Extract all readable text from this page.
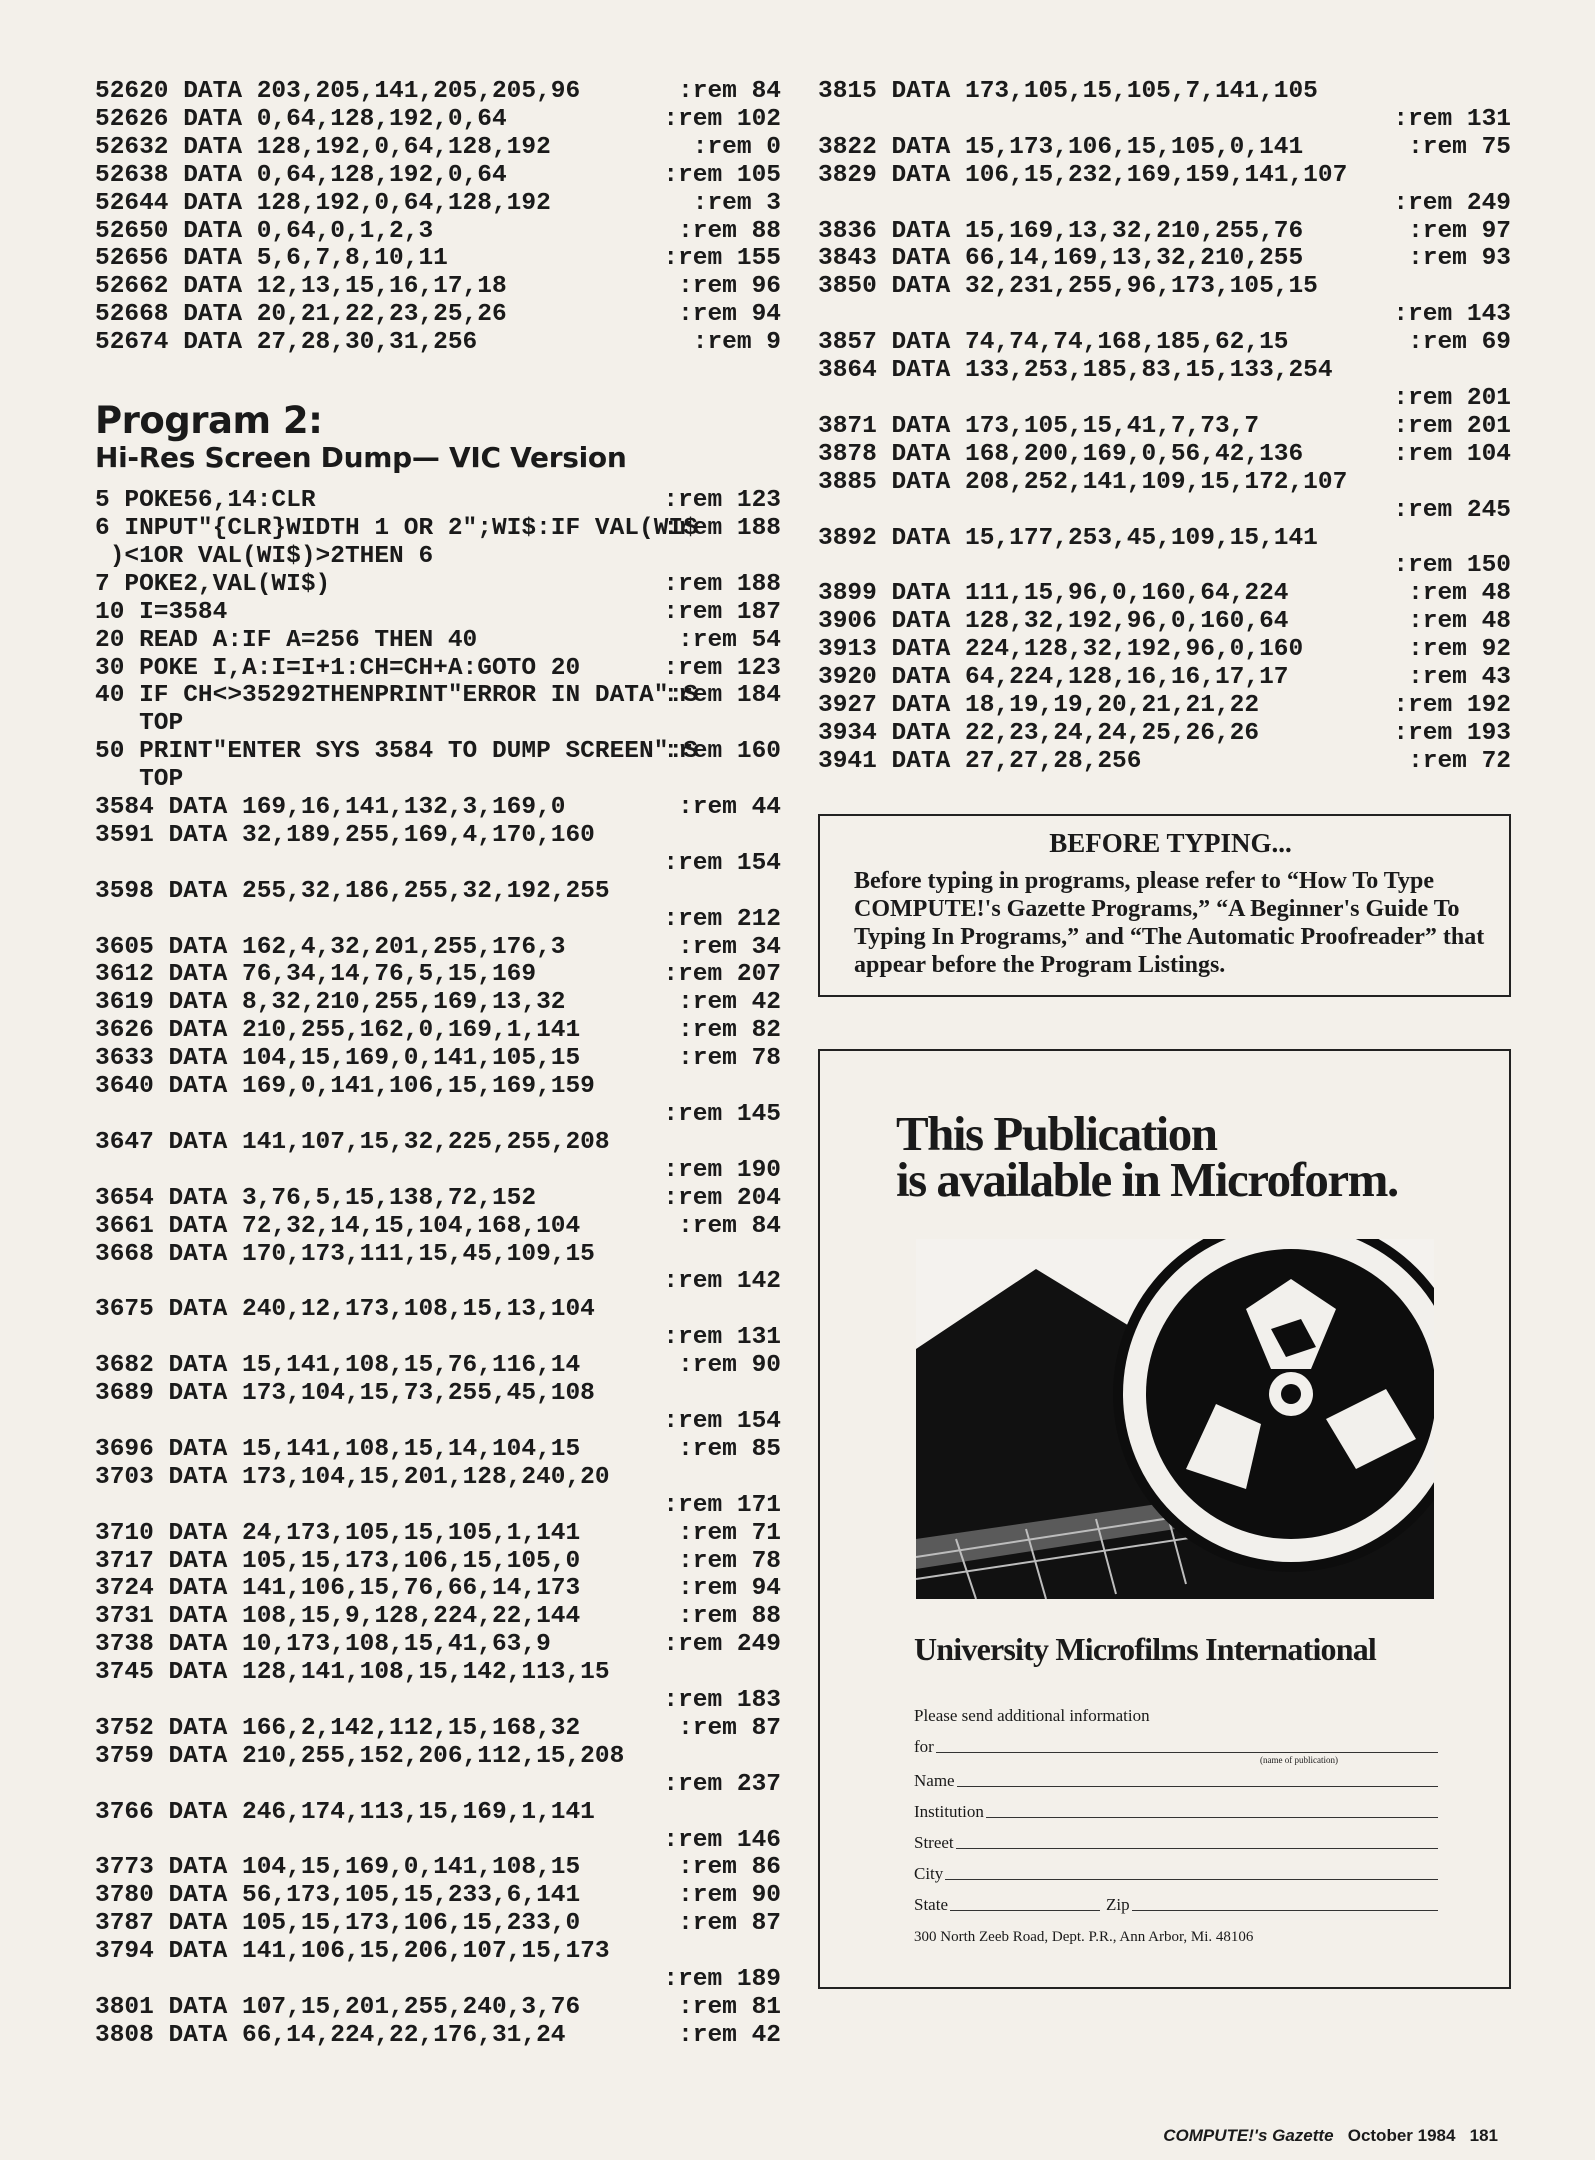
52620 DATA 203,205,141,205,205,96	:rem 84
52626 DATA 0,64,128,192,0,64	:rem 102
52632 DATA 128,192,0,64,128,192	:rem 0
52638 DATA 0,64,128,192,0,64	:rem 105
52644 DATA 128,192,0,64,128,192	:rem 3
52650 DATA 0,64,0,1,2,3	:rem 88
52656 DATA 5,6,7,8,10,11	:rem 155
52662 DATA 12,13,15,16,17,18	:rem 96
52668 DATA 20,21,22,23,25,26	:rem 94
52674 DATA 27,28,30,31,256	:rem 9
Program 2:
Hi-Res Screen Dump— VIC Version
5 POKE56,14:CLR	:rem 123
6 INPUT"{CLR}WIDTH 1 OR 2";WI$:IF VAL(WI$
)<1OR VAL(WI$)>2THEN 6
:rem 188
7 POKE2,VAL(WI$)	:rem 188
10 I=3584	:rem 187
20 READ A:IF A=256 THEN 40	:rem 54
30 POKE I,A:I=I+1:CH=CH+A:GOTO 20	:rem 123
40 IF CH<>35292THENPRINT"ERROR IN DATA":S
TOP
:rem 184
50 PRINT"ENTER SYS 3584 TO DUMP SCREEN":S
TOP
:rem 160
3584 DATA 169,16,141,132,3,169,0	:rem 44
3591 DATA 32,189,255,169,4,170,160
:rem 154
3598 DATA 255,32,186,255,32,192,255
:rem 212
3605 DATA 162,4,32,201,255,176,3	:rem 34
3612 DATA 76,34,14,76,5,15,169	:rem 207
3619 DATA 8,32,210,255,169,13,32	:rem 42
3626 DATA 210,255,162,0,169,1,141	:rem 82
3633 DATA 104,15,169,0,141,105,15	:rem 78
3640 DATA 169,0,141,106,15,169,159
:rem 145
3647 DATA 141,107,15,32,225,255,208
:rem 190
3654 DATA 3,76,5,15,138,72,152	:rem 204
3661 DATA 72,32,14,15,104,168,104	:rem 84
3668 DATA 170,173,111,15,45,109,15
:rem 142
3675 DATA 240,12,173,108,15,13,104
:rem 131
3682 DATA 15,141,108,15,76,116,14	:rem 90
3689 DATA 173,104,15,73,255,45,108
:rem 154
3696 DATA 15,141,108,15,14,104,15	:rem 85
3703 DATA 173,104,15,201,128,240,20
:rem 171
3710 DATA 24,173,105,15,105,1,141	:rem 71
3717 DATA 105,15,173,106,15,105,0	:rem 78
3724 DATA 141,106,15,76,66,14,173	:rem 94
3731 DATA 108,15,9,128,224,22,144	:rem 88
3738 DATA 10,173,108,15,41,63,9	:rem 249
3745 DATA 128,141,108,15,142,113,15
:rem 183
3752 DATA 166,2,142,112,15,168,32	:rem 87
3759 DATA 210,255,152,206,112,15,208
:rem 237
3766 DATA 246,174,113,15,169,1,141
:rem 146
3773 DATA 104,15,169,0,141,108,15	:rem 86
3780 DATA 56,173,105,15,233,6,141	:rem 90
3787 DATA 105,15,173,106,15,233,0	:rem 87
3794 DATA 141,106,15,206,107,15,173
:rem 189
3801 DATA 107,15,201,255,240,3,76	:rem 81
3808 DATA 66,14,224,22,176,31,24	:rem 42
3815 DATA 173,105,15,105,7,141,105
:rem 131
3822 DATA 15,173,106,15,105,0,141	:rem 75
3829 DATA 106,15,232,169,159,141,107
:rem 249
3836 DATA 15,169,13,32,210,255,76	:rem 97
3843 DATA 66,14,169,13,32,210,255	:rem 93
3850 DATA 32,231,255,96,173,105,15
:rem 143
3857 DATA 74,74,74,168,185,62,15	:rem 69
3864 DATA 133,253,185,83,15,133,254
:rem 201
3871 DATA 173,105,15,41,7,73,7	:rem 201
3878 DATA 168,200,169,0,56,42,136	:rem 104
3885 DATA 208,252,141,109,15,172,107
:rem 245
3892 DATA 15,177,253,45,109,15,141
:rem 150
3899 DATA 111,15,96,0,160,64,224	:rem 48
3906 DATA 128,32,192,96,0,160,64	:rem 48
3913 DATA 224,128,32,192,96,0,160	:rem 92
3920 DATA 64,224,128,16,16,17,17	:rem 43
3927 DATA 18,19,19,20,21,21,22	:rem 192
3934 DATA 22,23,24,24,25,26,26	:rem 193
3941 DATA 27,27,28,256	:rem 72
BEFORE TYPING...
Before typing in programs, please refer to “How To Type COMPUTE!'s Gazette Programs,” “A Beginner's Guide To Typing In Programs,” and “The Automatic Proofreader” that appear before the Program Listings.
This Publication
is available in Microform.
University Microfilms International
Please send additional information
for
(name of publication)
Name
Institution
Street
City
State	Zip
300 North Zeeb Road, Dept. P.R., Ann Arbor, Mi. 48106
COMPUTE!'s Gazette October 1984 181
